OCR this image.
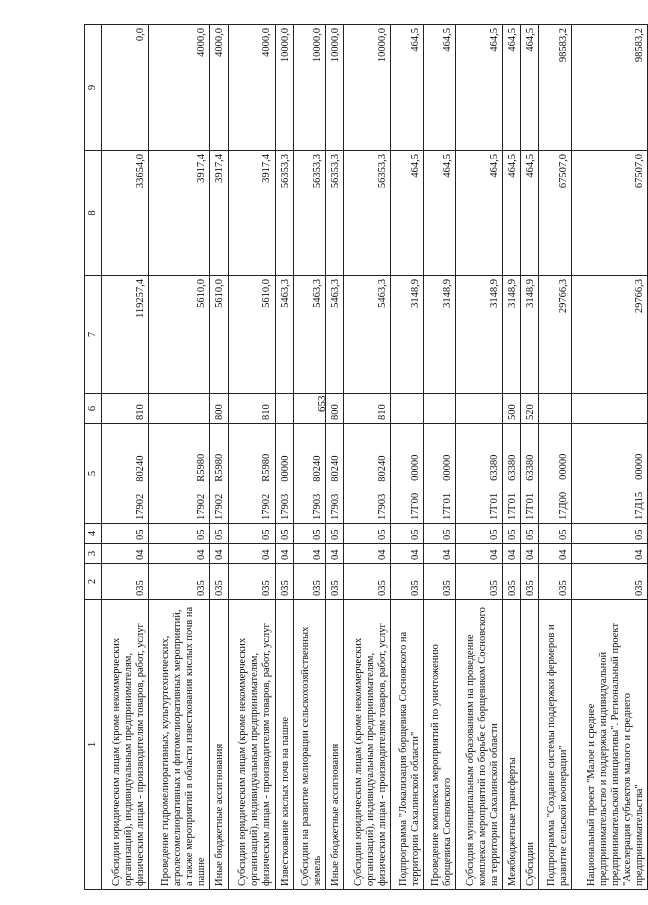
653
1	2	3	4	5	6	7	8	9
Субсидии юридическим лицам (кроме некоммерческих организаций), индивидуальным предпринимателям, физическим лицам - производителям товаров, работ, услуг	035	04	05	1790280240	810	119257,4	33654,0	0,0
Проведение гидромелиоративных, культуртехнических, агролесомелиоративных и фитомелиоративных мероприятий, а также мероприятий в области известкования кислых почв на пашне	035	04	05	17902R5980		5610,0	3917,4	4000,0
Иные бюджетные ассигнования	035	04	05	17902R5980	800	5610,0	3917,4	4000,0
Субсидии юридическим лицам (кроме некоммерческих организаций), индивидуальным предпринимателям, физическим лицам - производителям товаров, работ, услуг	035	04	05	17902R5980	810	5610,0	3917,4	4000,0
Известкование кислых почв на пашне	035	04	05	1790300000		5463,3	56353,3	10000,0
Субсидии на развитие мелиорации сельскохозяйственных земель	035	04	05	1790380240		5463,3	56353,3	10000,0
Иные бюджетные ассигнования	035	04	05	1790380240	800	5463,3	56353,3	10000,0
Субсидии юридическим лицам (кроме некоммерческих организаций), индивидуальным предпринимателям, физическим лицам - производителям товаров, работ, услуг	035	04	05	1790380240	810	5463,3	56353,3	10000,0
Подпрограмма "Локализация борщевика Сосновского на территории Сахалинской области"	035	04	05	17Г0000000		3148,9	464,5	464,5
Проведение комплекса мероприятий по уничтожению борщевика Сосновского	035	04	05	17Г0100000		3148,9	464,5	464,5
Субсидия муниципальным образованиям на проведение комплекса мероприятий по борьбе с борщевиком Сосновского на территории Сахалинской области	035	04	05	17Г0163380		3148,9	464,5	464,5
Межбюджетные трансферты	035	04	05	17Г0163380	500	3148,9	464,5	464,5
Субсидии	035	04	05	17Г0163380	520	3148,9	464,5	464,5
Подпрограмма "Создание системы поддержки фермеров и развитие сельской кооперации"	035	04	05	17Д0000000		29766,3	67507,0	98583,2
Национальный проект "Малое и среднее предпринимательство и поддержка индивидуальной предпринимательской инициативы". Региональный проект "Акселерация субъектов малого и среднего предпринимательства"	035	04	05	17Д1500000		29766,3	67507,0	98583,2
